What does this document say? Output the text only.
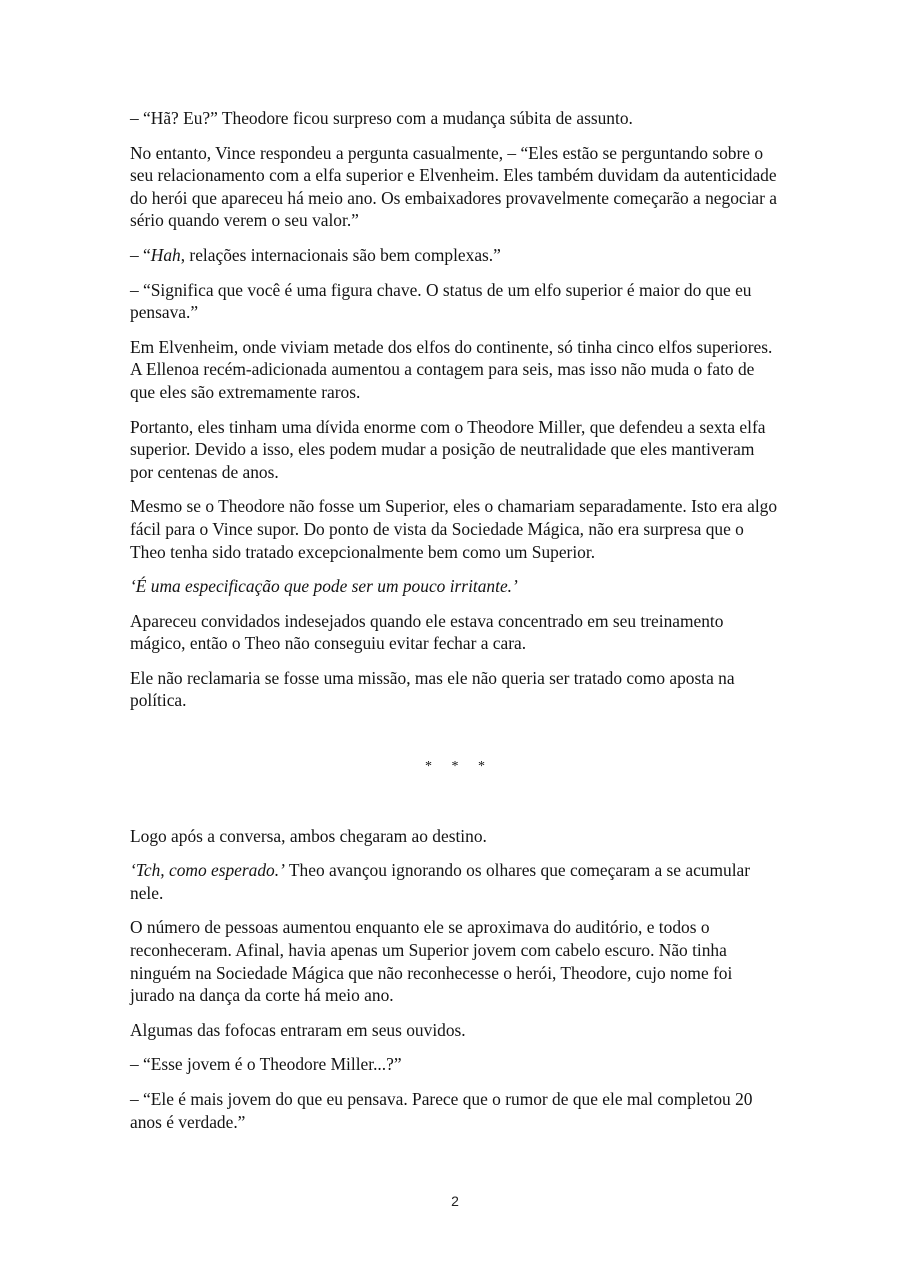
– “Hã? Eu?” Theodore ficou surpreso com a mudança súbita de assunto.

No entanto, Vince respondeu a pergunta casualmente, – “Eles estão se perguntando sobre o seu relacionamento com a elfa superior e Elvenheim. Eles também duvidam da autenticidade do herói que apareceu há meio ano. Os embaixadores provavelmente começarão a negociar a sério quando verem o seu valor.”

– “Hah, relações internacionais são bem complexas.”

– “Significa que você é uma figura chave. O status de um elfo superior é maior do que eu pensava.”

Em Elvenheim, onde viviam metade dos elfos do continente, só tinha cinco elfos superiores. A Ellenoa recém-adicionada aumentou a contagem para seis, mas isso não muda o fato de que eles são extremamente raros.

Portanto, eles tinham uma dívida enorme com o Theodore Miller, que defendeu a sexta elfa superior. Devido a isso, eles podem mudar a posição de neutralidade que eles mantiveram por centenas de anos.

Mesmo se o Theodore não fosse um Superior, eles o chamariam separadamente. Isto era algo fácil para o Vince supor. Do ponto de vista da Sociedade Mágica, não era surpresa que o Theo tenha sido tratado excepcionalmente bem como um Superior.

‘É uma especificação que pode ser um pouco irritante.’

Apareceu convidados indesejados quando ele estava concentrado em seu treinamento mágico, então o Theo não conseguiu evitar fechar a cara.

Ele não reclamaria se fosse uma missão, mas ele não queria ser tratado como aposta na política.

* * *

Logo após a conversa, ambos chegaram ao destino.

‘Tch, como esperado.’ Theo avançou ignorando os olhares que começaram a se acumular nele.

O número de pessoas aumentou enquanto ele se aproximava do auditório, e todos o reconheceram. Afinal, havia apenas um Superior jovem com cabelo escuro. Não tinha ninguém na Sociedade Mágica que não reconhecesse o herói, Theodore, cujo nome foi jurado na dança da corte há meio ano.

Algumas das fofocas entraram em seus ouvidos.

– “Esse jovem é o Theodore Miller...?”

– “Ele é mais jovem do que eu pensava. Parece que o rumor de que ele mal completou 20 anos é verdade.”

2
